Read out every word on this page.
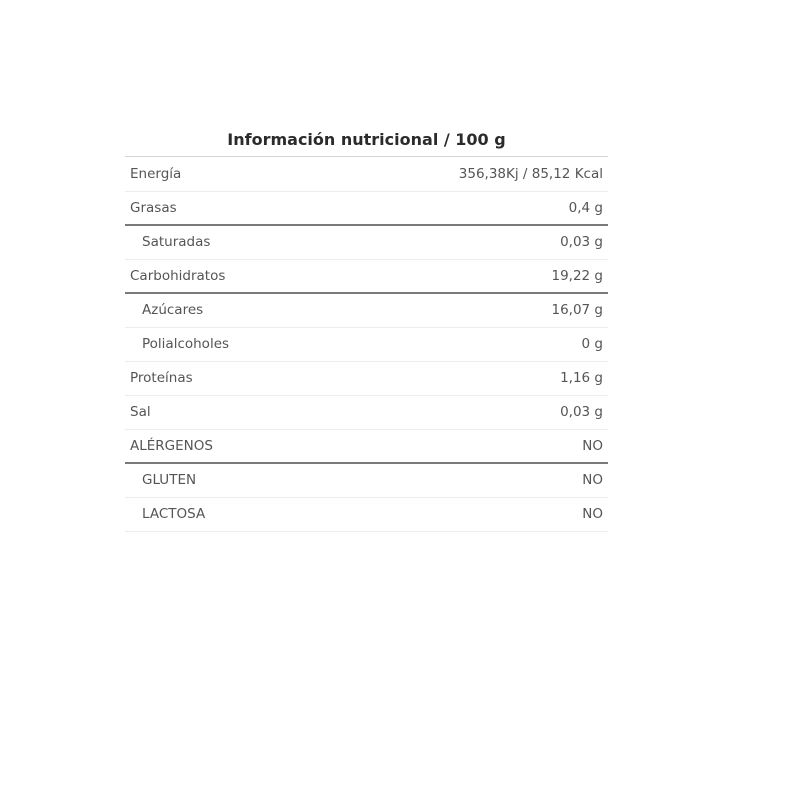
Información nutricional / 100 g
Energía	356,38Kj / 85,12 Kcal
Grasas	0,4 g
Saturadas	0,03 g
Carbohidratos	19,22 g
Azúcares	16,07 g
Polialcoholes	0 g
Proteínas	1,16 g
Sal	0,03 g
ALÉRGENOS	NO
GLUTEN	NO
LACTOSA	NO
